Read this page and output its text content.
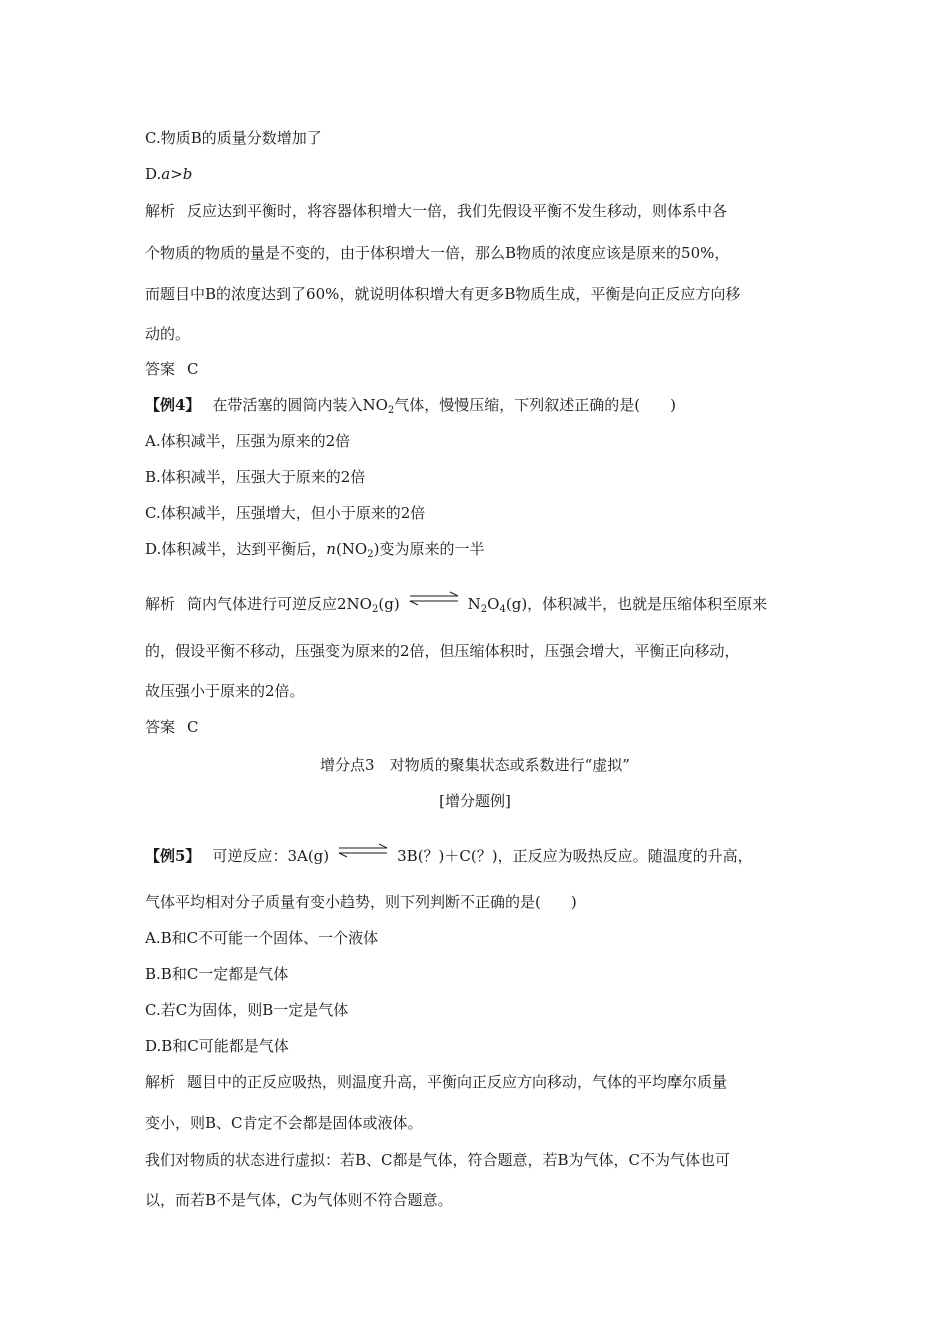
C.物质B的质量分数增加了
D.a>b
解析 反应达到平衡时，将容器体积增大一倍，我们先假设平衡不发生移动，则体系中各
个物质的物质的量是不变的，由于体积增大一倍，那么B物质的浓度应该是原来的50%，
而题目中B的浓度达到了60%，就说明体积增大有更多B物质生成，平衡是向正反应方向移
动的。
答案 C
【例4】 在带活塞的圆筒内装入$NO_2$气体，慢慢压缩，下列叙述正确的是(　　)
A.体积减半，压强为原来的2倍
B.体积减半，压强大于原来的2倍
C.体积减半，压强增大，但小于原来的2倍
D.体积减半，达到平衡后，$n(NO_2)$变为原来的一半
解析 筒内气体进行可逆反应$2NO_2(g)$ ⇌ $N_2O_4(g)$，体积减半，也就是压缩体积至原来
的，假设平衡不移动，压强变为原来的2倍，但压缩体积时，压强会增大，平衡正向移动，
故压强小于原来的2倍。
答案 C
增分点3　对物质的聚集状态或系数进行“虚拟”
[增分题例]
【例5】 可逆反应：3A(g) ⇌ 3B(？)＋C(？)，正反应为吸热反应。随温度的升高，
气体平均相对分子质量有变小趋势，则下列判断不正确的是(　　)
A.B和C不可能一个固体、一个液体
B.B和C一定都是气体
C.若C为固体，则B一定是气体
D.B和C可能都是气体
解析 题目中的正反应吸热，则温度升高，平衡向正反应方向移动，气体的平均摩尔质量
变小，则B、C肯定不会都是固体或液体。
我们对物质的状态进行虚拟：若B、C都是气体，符合题意，若B为气体，C不为气体也可
以，而若B不是气体，C为气体则不符合题意。
